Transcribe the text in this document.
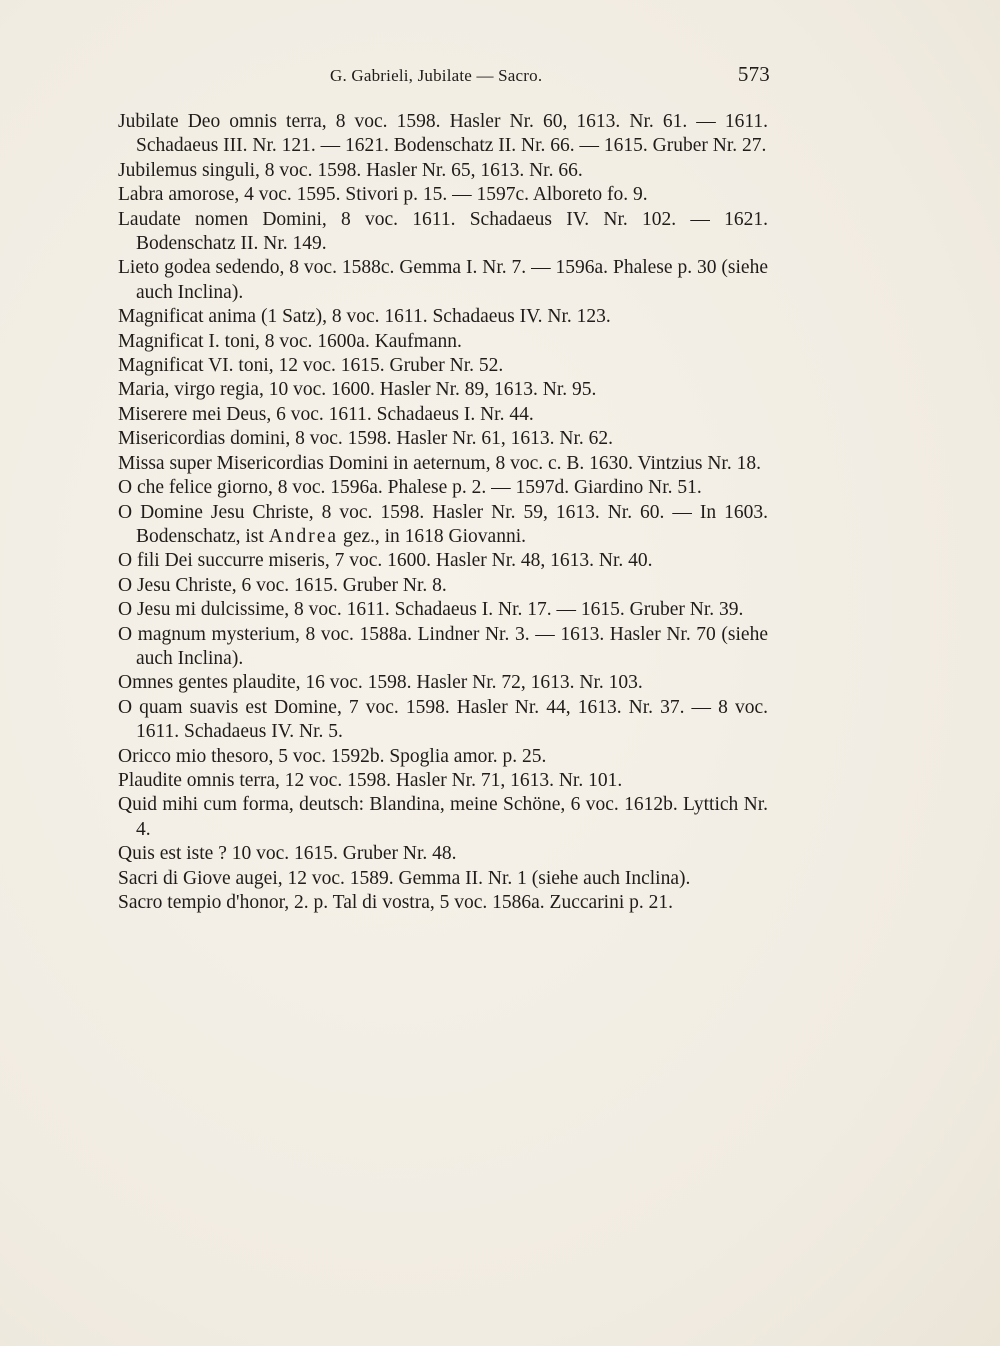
G. Gabrieli, Jubilate — Sacro.	573
Jubilate Deo omnis terra, 8 voc. 1598. Hasler Nr. 60, 1613. Nr. 61. — 1611. Schadaeus III. Nr. 121. — 1621. Bodenschatz II. Nr. 66. — 1615. Gruber Nr. 27.
Jubilemus singuli, 8 voc. 1598. Hasler Nr. 65, 1613. Nr. 66.
Labra amorose, 4 voc. 1595. Stivori p. 15. — 1597c. Alboreto fo. 9.
Laudate nomen Domini, 8 voc. 1611. Schadaeus IV. Nr. 102. — 1621. Bodenschatz II. Nr. 149.
Lieto godea sedendo, 8 voc. 1588c. Gemma I. Nr. 7. — 1596a. Phalese p. 30 (siehe auch Inclina).
Magnificat anima (1 Satz), 8 voc. 1611. Schadaeus IV. Nr. 123.
Magnificat I. toni, 8 voc. 1600a. Kaufmann.
Magnificat VI. toni, 12 voc. 1615. Gruber Nr. 52.
Maria, virgo regia, 10 voc. 1600. Hasler Nr. 89, 1613. Nr. 95.
Miserere mei Deus, 6 voc. 1611. Schadaeus I. Nr. 44.
Misericordias domini, 8 voc. 1598. Hasler Nr. 61, 1613. Nr. 62.
Missa super Misericordias Domini in aeternum, 8 voc. c. B. 1630. Vintzius Nr. 18.
O che felice giorno, 8 voc. 1596a. Phalese p. 2. — 1597d. Giardino Nr. 51.
O Domine Jesu Christe, 8 voc. 1598. Hasler Nr. 59, 1613. Nr. 60. — In 1603. Bodenschatz, ist Andrea gez., in 1618 Giovanni.
O fili Dei succurre miseris, 7 voc. 1600. Hasler Nr. 48, 1613. Nr. 40.
O Jesu Christe, 6 voc. 1615. Gruber Nr. 8.
O Jesu mi dulcissime, 8 voc. 1611. Schadaeus I. Nr. 17. — 1615. Gruber Nr. 39.
O magnum mysterium, 8 voc. 1588a. Lindner Nr. 3. — 1613. Hasler Nr. 70 (siehe auch Inclina).
Omnes gentes plaudite, 16 voc. 1598. Hasler Nr. 72, 1613. Nr. 103.
O quam suavis est Domine, 7 voc. 1598. Hasler Nr. 44, 1613. Nr. 37. — 8 voc. 1611. Schadaeus IV. Nr. 5.
Oricco mio thesoro, 5 voc. 1592b. Spoglia amor. p. 25.
Plaudite omnis terra, 12 voc. 1598. Hasler Nr. 71, 1613. Nr. 101.
Quid mihi cum forma, deutsch: Blandina, meine Schöne, 6 voc. 1612b. Lyttich Nr. 4.
Quis est iste ? 10 voc. 1615. Gruber Nr. 48.
Sacri di Giove augei, 12 voc. 1589. Gemma II. Nr. 1 (siehe auch Inclina).
Sacro tempio d'honor, 2. p. Tal di vostra, 5 voc. 1586a. Zuccarini p. 21.
